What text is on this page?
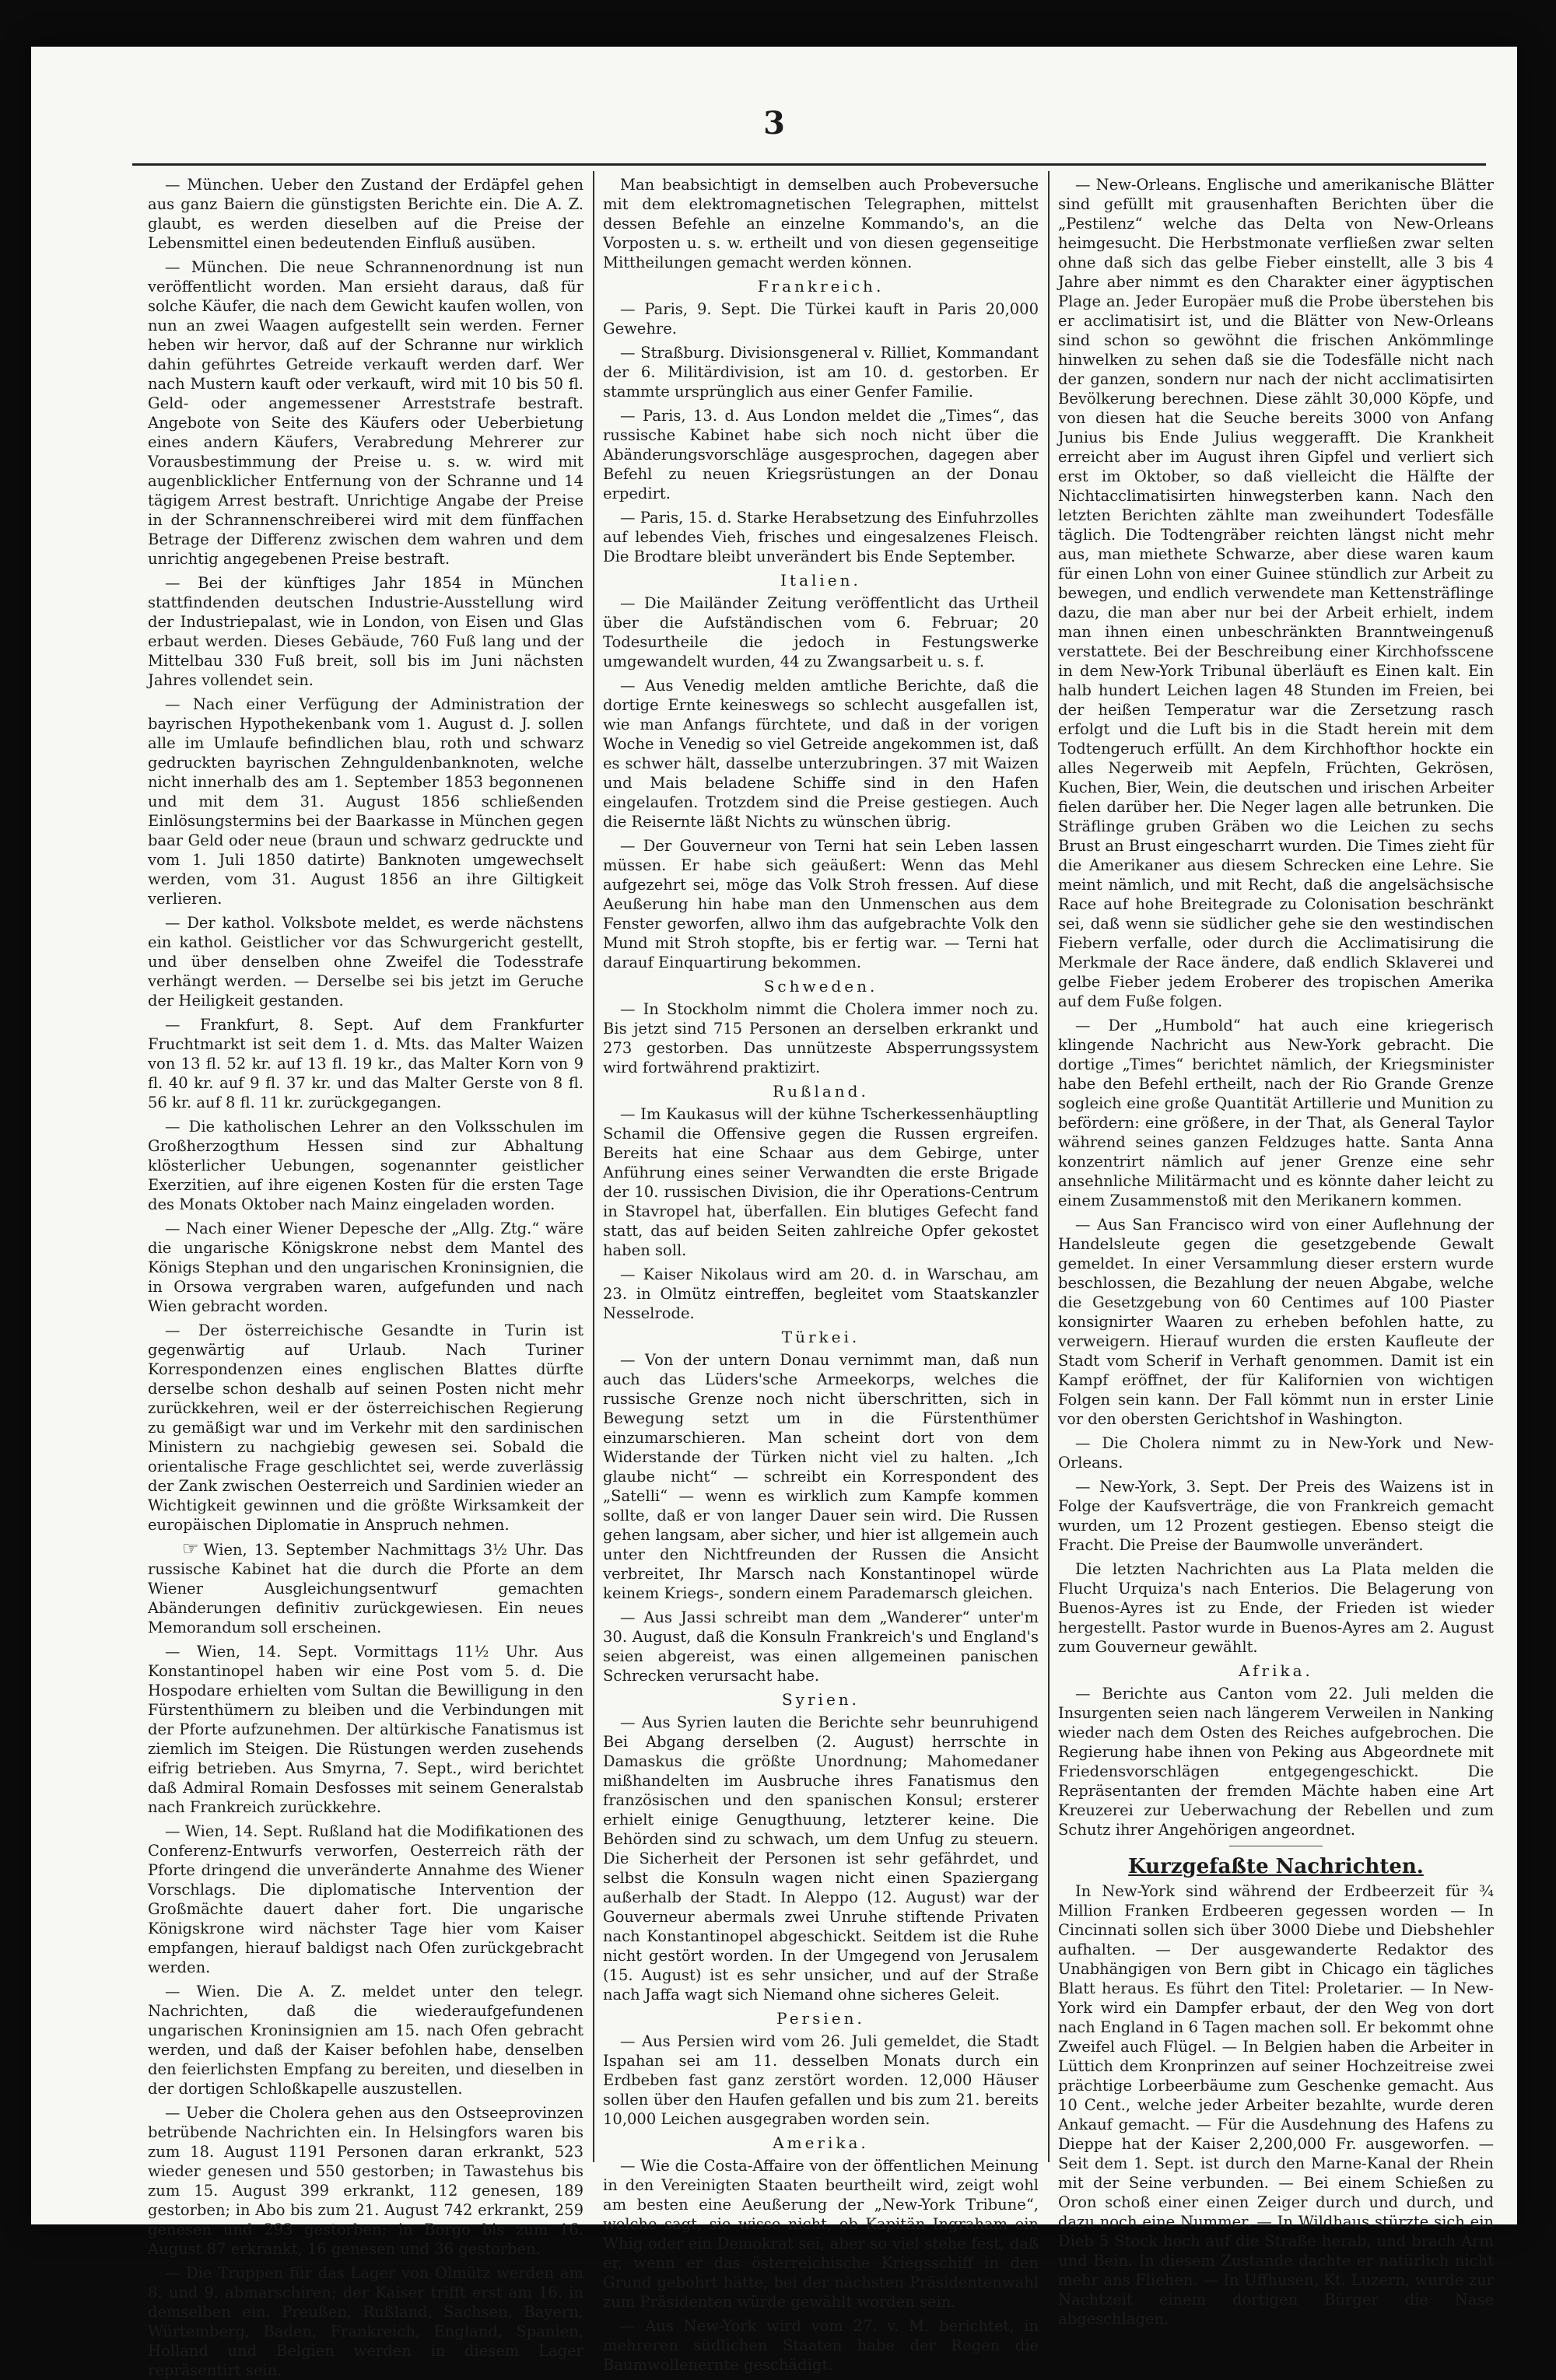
3

— München. Ueber den Zustand der Erdäpfel gehen aus ganz Baiern die günstigsten Berichte ein. Die A. Z. glaubt, es werden dieselben auf die Preise der Lebensmittel einen bedeutenden Einfluß ausüben.

— München. Die neue Schrannenordnung ist nun veröffentlicht worden. Man ersieht daraus, daß für solche Käufer, die nach dem Gewicht kaufen wollen, von nun an zwei Waagen aufgestellt sein werden. Ferner heben wir hervor, daß auf der Schranne nur wirklich dahin geführtes Getreide verkauft werden darf. Wer nach Mustern kauft oder verkauft, wird mit 10 bis 50 fl. Geld- oder angemessener Arreststrafe bestraft. Angebote von Seite des Käufers oder Ueberbietung eines andern Käufers, Verabredung Mehrerer zur Vorausbestimmung der Preise u. s. w. wird mit augenblicklicher Entfernung von der Schranne und 14 tägigem Arrest bestraft. Unrichtige Angabe der Preise in der Schrannenschreiberei wird mit dem fünffachen Betrage der Differenz zwischen dem wahren und dem unrichtig angegebenen Preise bestraft.

— Bei der künftiges Jahr 1854 in München stattfindenden deutschen Industrie-Ausstellung wird der Industriepalast, wie in London, von Eisen und Glas erbaut werden. Dieses Gebäude, 760 Fuß lang und der Mittelbau 330 Fuß breit, soll bis im Juni nächsten Jahres vollendet sein.

— Nach einer Verfügung der Administration der bayrischen Hypothekenbank vom 1. August d. J. sollen alle im Umlaufe befindlichen blau, roth und schwarz gedruckten bayrischen Zehnguldenbanknoten, welche nicht innerhalb des am 1. September 1853 begonnenen und mit dem 31. August 1856 schließenden Einlösungstermins bei der Baarkasse in München gegen baar Geld oder neue (braun und schwarz gedruckte und vom 1. Juli 1850 datirte) Banknoten umgewechselt werden, vom 31. August 1856 an ihre Giltigkeit verlieren.

— Der kathol. Volksbote meldet, es werde nächstens ein kathol. Geistlicher vor das Schwurgericht gestellt, und über denselben ohne Zweifel die Todesstrafe verhängt werden. — Derselbe sei bis jetzt im Geruche der Heiligkeit gestanden.

— Frankfurt, 8. Sept. Auf dem Frankfurter Fruchtmarkt ist seit dem 1. d. Mts. das Malter Waizen von 13 fl. 52 kr. auf 13 fl. 19 kr., das Malter Korn von 9 fl. 40 kr. auf 9 fl. 37 kr. und das Malter Gerste von 8 fl. 56 kr. auf 8 fl. 11 kr. zurückgegangen.

— Die katholischen Lehrer an den Volksschulen im Großherzogthum Hessen sind zur Abhaltung klösterlicher Uebungen, sogenannter geistlicher Exerzitien, auf ihre eigenen Kosten für die ersten Tage des Monats Oktober nach Mainz eingeladen worden.

— Nach einer Wiener Depesche der „Allg. Ztg.“ wäre die ungarische Königskrone nebst dem Mantel des Königs Stephan und den ungarischen Kroninsignien, die in Orsowa vergraben waren, aufgefunden und nach Wien gebracht worden.

— Der österreichische Gesandte in Turin ist gegenwärtig auf Urlaub. Nach Turiner Korrespondenzen eines englischen Blattes dürfte derselbe schon deshalb auf seinen Posten nicht mehr zurückkehren, weil er der österreichischen Regierung zu gemäßigt war und im Verkehr mit den sardinischen Ministern zu nachgiebig gewesen sei. Sobald die orientalische Frage geschlichtet sei, werde zuverlässig der Zank zwischen Oesterreich und Sardinien wieder an Wichtigkeit gewinnen und die größte Wirksamkeit der europäischen Diplomatie in Anspruch nehmen.

☞ Wien, 13. September Nachmittags 3½ Uhr. Das russische Kabinet hat die durch die Pforte an dem Wiener Ausgleichungsentwurf gemachten Abänderungen definitiv zurückgewiesen. Ein neues Memorandum soll erscheinen.

— Wien, 14. Sept. Vormittags 11½ Uhr. Aus Konstantinopel haben wir eine Post vom 5. d. Die Hospodare erhielten vom Sultan die Bewilligung in den Fürstenthümern zu bleiben und die Verbindungen mit der Pforte aufzunehmen. Der altürkische Fanatismus ist ziemlich im Steigen. Die Rüstungen werden zusehends eifrig betrieben. Aus Smyrna, 7. Sept., wird berichtet daß Admiral Romain Desfosses mit seinem Generalstab nach Frankreich zurückkehre.

— Wien, 14. Sept. Rußland hat die Modifikationen des Conferenz-Entwurfs verworfen, Oesterreich räth der Pforte dringend die unveränderte Annahme des Wiener Vorschlags. Die diplomatische Intervention der Großmächte dauert daher fort. Die ungarische Königskrone wird nächster Tage hier vom Kaiser empfangen, hierauf baldigst nach Ofen zurückgebracht werden.

— Wien. Die A. Z. meldet unter den telegr. Nachrichten, daß die wiederaufgefundenen ungarischen Kroninsignien am 15. nach Ofen gebracht werden, und daß der Kaiser befohlen habe, denselben den feierlichsten Empfang zu bereiten, und dieselben in der dortigen Schloßkapelle auszustellen.

— Ueber die Cholera gehen aus den Ostseeprovinzen betrübende Nachrichten ein. In Helsingfors waren bis zum 18. August 1191 Personen daran erkrankt, 523 wieder genesen und 550 gestorben; in Tawastehus bis zum 15. August 399 erkrankt, 112 genesen, 189 gestorben; in Abo bis zum 21. August 742 erkrankt, 259 genesen und 293 gestorben; in Borgo bis zum 16. August 87 erkrankt, 16 genesen und 36 gestorben.

— Die Truppen für das Lager von Olmütz werden am 8. und 9. abmarschiren; der Kaiser trifft erst am 16. in demselben ein. Preußen, Rußland, Sachsen, Bayern, Würtemberg, Baden, Frankreich, England, Spanien, Holland und Belgien werden in diesem Lager repräsentirt sein.

Man beabsichtigt in demselben auch Probeversuche mit dem elektromagnetischen Telegraphen, mittelst dessen Befehle an einzelne Kommando's, an die Vorposten u. s. w. ertheilt und von diesen gegenseitige Mittheilungen gemacht werden können.

Frankreich.

— Paris, 9. Sept. Die Türkei kauft in Paris 20,000 Gewehre.

— Straßburg. Divisionsgeneral v. Rilliet, Kommandant der 6. Militärdivision, ist am 10. d. gestorben. Er stammte ursprünglich aus einer Genfer Familie.

— Paris, 13. d. Aus London meldet die „Times“, das russische Kabinet habe sich noch nicht über die Abänderungsvorschläge ausgesprochen, dagegen aber Befehl zu neuen Kriegsrüstungen an der Donau erpedirt.

— Paris, 15. d. Starke Herabsetzung des Einfuhrzolles auf lebendes Vieh, frisches und eingesalzenes Fleisch. Die Brodtare bleibt unverändert bis Ende September.

Italien.

— Die Mailänder Zeitung veröffentlicht das Urtheil über die Aufständischen vom 6. Februar; 20 Todesurtheile die jedoch in Festungswerke umgewandelt wurden, 44 zu Zwangsarbeit u. s. f.

— Aus Venedig melden amtliche Berichte, daß die dortige Ernte keineswegs so schlecht ausgefallen ist, wie man Anfangs fürchtete, und daß in der vorigen Woche in Venedig so viel Getreide angekommen ist, daß es schwer hält, dasselbe unterzubringen. 37 mit Waizen und Mais beladene Schiffe sind in den Hafen eingelaufen. Trotzdem sind die Preise gestiegen. Auch die Reisernte läßt Nichts zu wünschen übrig.

— Der Gouverneur von Terni hat sein Leben lassen müssen. Er habe sich geäußert: Wenn das Mehl aufgezehrt sei, möge das Volk Stroh fressen. Auf diese Aeußerung hin habe man den Unmenschen aus dem Fenster geworfen, allwo ihm das aufgebrachte Volk den Mund mit Stroh stopfte, bis er fertig war. — Terni hat darauf Einquartirung bekommen.

Schweden.

— In Stockholm nimmt die Cholera immer noch zu. Bis jetzt sind 715 Personen an derselben erkrankt und 273 gestorben. Das unnützeste Absperrungssystem wird fortwährend praktizirt.

Rußland.

— Im Kaukasus will der kühne Tscherkessenhäuptling Schamil die Offensive gegen die Russen ergreifen. Bereits hat eine Schaar aus dem Gebirge, unter Anführung eines seiner Verwandten die erste Brigade der 10. russischen Division, die ihr Operations-Centrum in Stavropel hat, überfallen. Ein blutiges Gefecht fand statt, das auf beiden Seiten zahlreiche Opfer gekostet haben soll.

— Kaiser Nikolaus wird am 20. d. in Warschau, am 23. in Olmütz eintreffen, begleitet vom Staatskanzler Nesselrode.

Türkei.

— Von der untern Donau vernimmt man, daß nun auch das Lüders'sche Armeekorps, welches die russische Grenze noch nicht überschritten, sich in Bewegung setzt um in die Fürstenthümer einzumarschieren. Man scheint dort von dem Widerstande der Türken nicht viel zu halten. „Ich glaube nicht“ — schreibt ein Korrespondent des „Satelli“ — wenn es wirklich zum Kampfe kommen sollte, daß er von langer Dauer sein wird. Die Russen gehen langsam, aber sicher, und hier ist allgemein auch unter den Nichtfreunden der Russen die Ansicht verbreitet, Ihr Marsch nach Konstantinopel würde keinem Kriegs-, sondern einem Parademarsch gleichen.

— Aus Jassi schreibt man dem „Wanderer“ unter'm 30. August, daß die Konsuln Frankreich's und England's seien abgereist, was einen allgemeinen panischen Schrecken verursacht habe.

Syrien.

— Aus Syrien lauten die Berichte sehr beunruhigend Bei Abgang derselben (2. August) herrschte in Damaskus die größte Unordnung; Mahomedaner mißhandelten im Ausbruche ihres Fanatismus den französischen und den spanischen Konsul; ersterer erhielt einige Genugthuung, letzterer keine. Die Behörden sind zu schwach, um dem Unfug zu steuern. Die Sicherheit der Personen ist sehr gefährdet, und selbst die Konsuln wagen nicht einen Spaziergang außerhalb der Stadt. In Aleppo (12. August) war der Gouverneur abermals zwei Unruhe stiftende Privaten nach Konstantinopel abgeschickt. Seitdem ist die Ruhe nicht gestört worden. In der Umgegend von Jerusalem (15. August) ist es sehr unsicher, und auf der Straße nach Jaffa wagt sich Niemand ohne sicheres Geleit.

Persien.

— Aus Persien wird vom 26. Juli gemeldet, die Stadt Ispahan sei am 11. desselben Monats durch ein Erdbeben fast ganz zerstört worden. 12,000 Häuser sollen über den Haufen gefallen und bis zum 21. bereits 10,000 Leichen ausgegraben worden sein.

Amerika.

— Wie die Costa-Affaire von der öffentlichen Meinung in den Vereinigten Staaten beurtheilt wird, zeigt wohl am besten eine Aeußerung der „New-York Tribune“, welche sagt, sie wisse nicht, ob Kapitän Ingraham ein Whig oder ein Demokrat sei, aber so viel stehe fest, daß er, wenn er das österreichische Kriegsschiff in den Grund gebohrt hätte, bei der nächsten Präsidentenwahl zum Präsidenten würde gewählt worden sein.

— Aus New-York wird vom 27. v. M. berichtet, in mehreren südlichen Staaten habe der Regen die Baumwollenernte geschädigt.

— New-Orleans. Englische und amerikanische Blätter sind gefüllt mit grausenhaften Berichten über die „Pestilenz“ welche das Delta von New-Orleans heimgesucht. Die Herbstmonate verfließen zwar selten ohne daß sich das gelbe Fieber einstellt, alle 3 bis 4 Jahre aber nimmt es den Charakter einer ägyptischen Plage an. Jeder Europäer muß die Probe überstehen bis er acclimatisirt ist, und die Blätter von New-Orleans sind schon so gewöhnt die frischen Ankömmlinge hinwelken zu sehen daß sie die Todesfälle nicht nach der ganzen, sondern nur nach der nicht acclimatisirten Bevölkerung berechnen. Diese zählt 30,000 Köpfe, und von diesen hat die Seuche bereits 3000 von Anfang Junius bis Ende Julius weggerafft. Die Krankheit erreicht aber im August ihren Gipfel und verliert sich erst im Oktober, so daß vielleicht die Hälfte der Nichtacclimatisirten hinwegsterben kann. Nach den letzten Berichten zählte man zweihundert Todesfälle täglich. Die Todtengräber reichten längst nicht mehr aus, man miethete Schwarze, aber diese waren kaum für einen Lohn von einer Guinee stündlich zur Arbeit zu bewegen, und endlich verwendete man Kettensträflinge dazu, die man aber nur bei der Arbeit erhielt, indem man ihnen einen unbeschränkten Branntweingenuß verstattete. Bei der Beschreibung einer Kirchhofsscene in dem New-York Tribunal überläuft es Einen kalt. Ein halb hundert Leichen lagen 48 Stunden im Freien, bei der heißen Temperatur war die Zersetzung rasch erfolgt und die Luft bis in die Stadt herein mit dem Todtengeruch erfüllt. An dem Kirchhofthor hockte ein alles Negerweib mit Aepfeln, Früchten, Gekrösen, Kuchen, Bier, Wein, die deutschen und irischen Arbeiter fielen darüber her. Die Neger lagen alle betrunken. Die Sträflinge gruben Gräben wo die Leichen zu sechs Brust an Brust eingescharrt wurden. Die Times zieht für die Amerikaner aus diesem Schrecken eine Lehre. Sie meint nämlich, und mit Recht, daß die angelsächsische Race auf hohe Breitegrade zu Colonisation beschränkt sei, daß wenn sie südlicher gehe sie den westindischen Fiebern verfalle, oder durch die Acclimatisirung die Merkmale der Race ändere, daß endlich Sklaverei und gelbe Fieber jedem Eroberer des tropischen Amerika auf dem Fuße folgen.

— Der „Humbold“ hat auch eine kriegerisch klingende Nachricht aus New-York gebracht. Die dortige „Times“ berichtet nämlich, der Kriegsminister habe den Befehl ertheilt, nach der Rio Grande Grenze sogleich eine große Quantität Artillerie und Munition zu befördern: eine größere, in der That, als General Taylor während seines ganzen Feldzuges hatte. Santa Anna konzentrirt nämlich auf jener Grenze eine sehr ansehnliche Militärmacht und es könnte daher leicht zu einem Zusammenstoß mit den Merikanern kommen.

— Aus San Francisco wird von einer Auflehnung der Handelsleute gegen die gesetzgebende Gewalt gemeldet. In einer Versammlung dieser erstern wurde beschlossen, die Bezahlung der neuen Abgabe, welche die Gesetzgebung von 60 Centimes auf 100 Piaster konsignirter Waaren zu erheben befohlen hatte, zu verweigern. Hierauf wurden die ersten Kaufleute der Stadt vom Scherif in Verhaft genommen. Damit ist ein Kampf eröffnet, der für Kalifornien von wichtigen Folgen sein kann. Der Fall kömmt nun in erster Linie vor den obersten Gerichtshof in Washington.

— Die Cholera nimmt zu in New-York und New-Orleans.

— New-York, 3. Sept. Der Preis des Waizens ist in Folge der Kaufsverträge, die von Frankreich gemacht wurden, um 12 Prozent gestiegen. Ebenso steigt die Fracht. Die Preise der Baumwolle unverändert.

Die letzten Nachrichten aus La Plata melden die Flucht Urquiza's nach Enterios. Die Belagerung von Buenos-Ayres ist zu Ende, der Frieden ist wieder hergestellt. Pastor wurde in Buenos-Ayres am 2. August zum Gouverneur gewählt.

Afrika.

— Berichte aus Canton vom 22. Juli melden die Insurgenten seien nach längerem Verweilen in Nanking wieder nach dem Osten des Reiches aufgebrochen. Die Regierung habe ihnen von Peking aus Abgeordnete mit Friedensvorschlägen entgegengeschickt. Die Repräsentanten der fremden Mächte haben eine Art Kreuzerei zur Ueberwachung der Rebellen und zum Schutz ihrer Angehörigen angeordnet.

Kurzgefaßte Nachrichten.

In New-York sind während der Erdbeerzeit für ¾ Million Franken Erdbeeren gegessen worden — In Cincinnati sollen sich über 3000 Diebe und Diebshehler aufhalten. — Der ausgewanderte Redaktor des Unabhängigen von Bern gibt in Chicago ein tägliches Blatt heraus. Es führt den Titel: Proletarier. — In New-York wird ein Dampfer erbaut, der den Weg von dort nach England in 6 Tagen machen soll. Er bekommt ohne Zweifel auch Flügel. — In Belgien haben die Arbeiter in Lüttich dem Kronprinzen auf seiner Hochzeitreise zwei prächtige Lorbeerbäume zum Geschenke gemacht. Aus 10 Cent., welche jeder Arbeiter bezahlte, wurde deren Ankauf gemacht. — Für die Ausdehnung des Hafens zu Dieppe hat der Kaiser 2,200,000 Fr. ausgeworfen. — Seit dem 1. Sept. ist durch den Marne-Kanal der Rhein mit der Seine verbunden. — Bei einem Schießen zu Oron schoß einer einen Zeiger durch und durch, und dazu noch eine Nummer. — In Wildhaus stürzte sich ein Dieb 5 Stock hoch auf die Straße herab, und brach Arm und Bein. In diesem Zustande dachte er natürlich nicht mehr ans Fliehen. — In Uffhusen, Kt. Luzern, wurde zur Nachtzeit einem dortigen Bürger die Nase abgeschlagen.
